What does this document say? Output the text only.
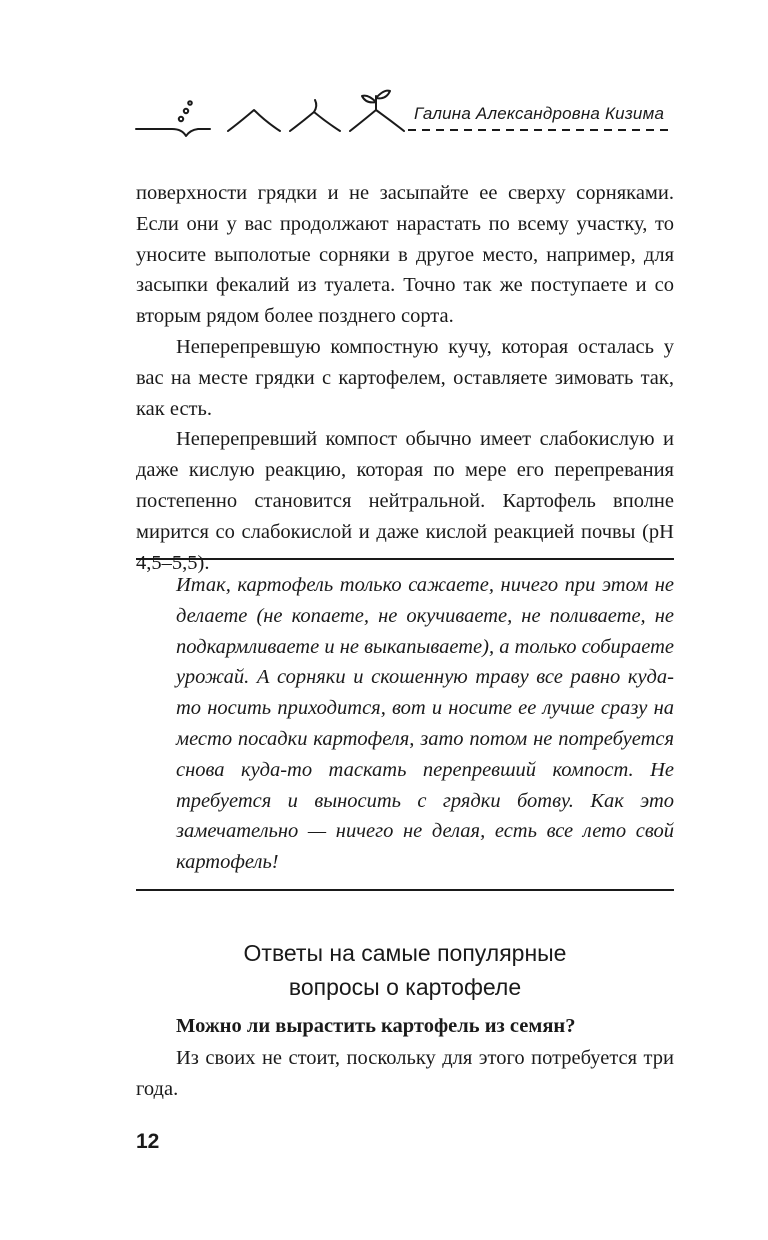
Галина Александровна Кизима

поверхности грядки и не засыпайте ее сверху сорняками. Если они у вас продолжают нарастать по всему участку, то уносите выполотые сорняки в другое место, например, для засыпки фекалий из туалета. Точно так же поступаете и со вторым рядом более позднего сорта.

Неперепревшую компостную кучу, которая осталась у вас на месте грядки с картофелем, оставляете зимовать так, как есть.

Неперепревший компост обычно имеет слабокислую и даже кислую реакцию, которая по мере его перепревания постепенно становится нейтральной. Картофель вполне мирится со слабокислой и даже кислой реакцией почвы (рН 4,5–5,5).

Итак, картофель только сажаете, ничего при этом не делаете (не копаете, не окучиваете, не поливаете, не подкармливаете и не выкапываете), а только собираете урожай. А сорняки и скошенную траву все равно куда-то носить приходится, вот и носите ее лучше сразу на место посадки картофеля, зато потом не потребуется снова куда-то таскать перепревший компост. Не требуется и выносить с грядки ботву. Как это замечательно — ничего не делая, есть все лето свой картофель!
Ответы на самые популярные
вопросы о картофеле
Можно ли вырастить картофель из семян?

Из своих не стоит, поскольку для этого потребуется три года.

12
